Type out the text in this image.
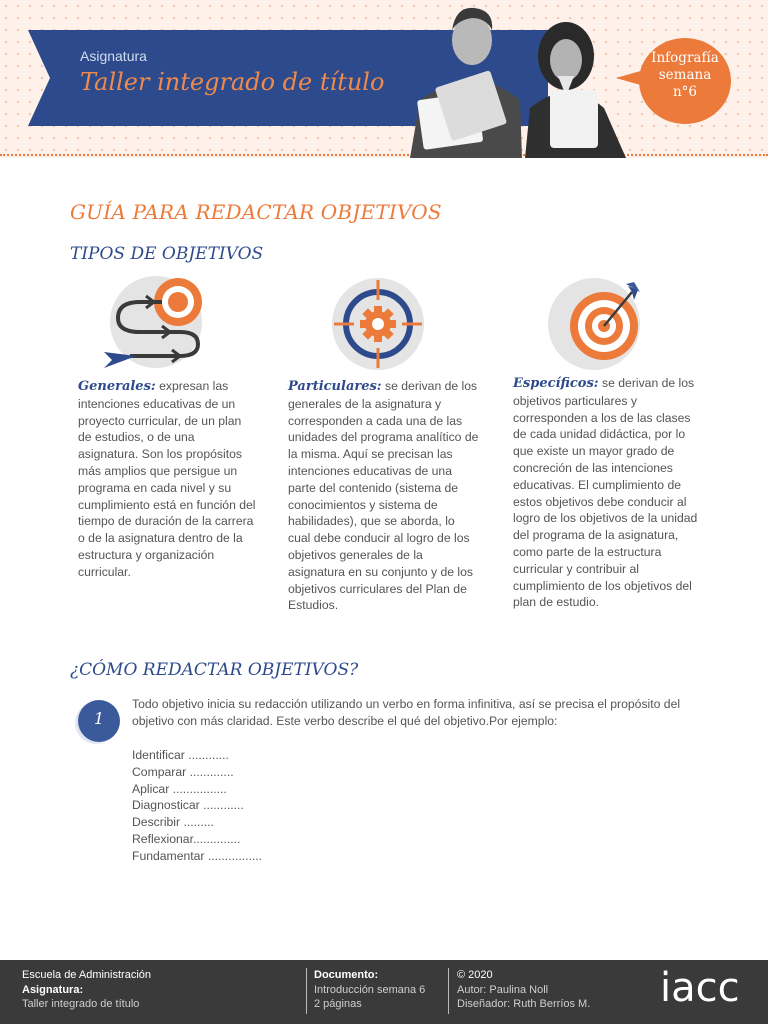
Asignatura
Taller integrado de título
Infografía
semana
n°6
GUÍA PARA REDACTAR OBJETIVOS
TIPOS DE OBJETIVOS
Generales: expresan las intenciones educativas de un proyecto curricular, de un plan de estudios, o de una asignatura. Son los propósitos más amplios que persigue un programa en cada nivel y su cumplimiento está en función del tiempo de duración de la carrera o de la asignatura dentro de la estructura y organización curricular.
Particulares: se derivan de los generales de la asignatura y corresponden a cada una de las unidades del programa analítico de la misma. Aquí se precisan las intenciones educativas de una parte del contenido (sistema de conocimientos y sistema de habilidades), que se aborda, lo cual debe conducir al logro de los objetivos generales de la asignatura en su conjunto y de los objetivos curriculares del Plan de Estudios.
Específicos: se derivan de los objetivos particulares y corresponden a los de las clases de cada unidad didáctica, por lo que existe un mayor grado de concreción de las intenciones educativas. El cumplimiento de estos objetivos debe conducir al logro de los objetivos de la unidad del programa de la asignatura, como parte de la estructura curricular y contribuir al cumplimiento de los objetivos del plan de estudio.
¿CÓMO REDACTAR OBJETIVOS?
1
Todo objetivo inicia su redacción utilizando un verbo en forma infinitiva, así se precisa el propósito del objetivo con más claridad. Este verbo describe el qué del objetivo.Por ejemplo:
Identificar ............
Comparar .............
Aplicar ................
Diagnosticar ............
Describir .........
Reflexionar..............
Fundamentar ................
Escuela de Administración
Asignatura:
Taller integrado de título
Documento:
Introducción semana 6
2 páginas
© 2020
Autor: Paulina Noll
Diseñador: Ruth Berríos M. iacc
